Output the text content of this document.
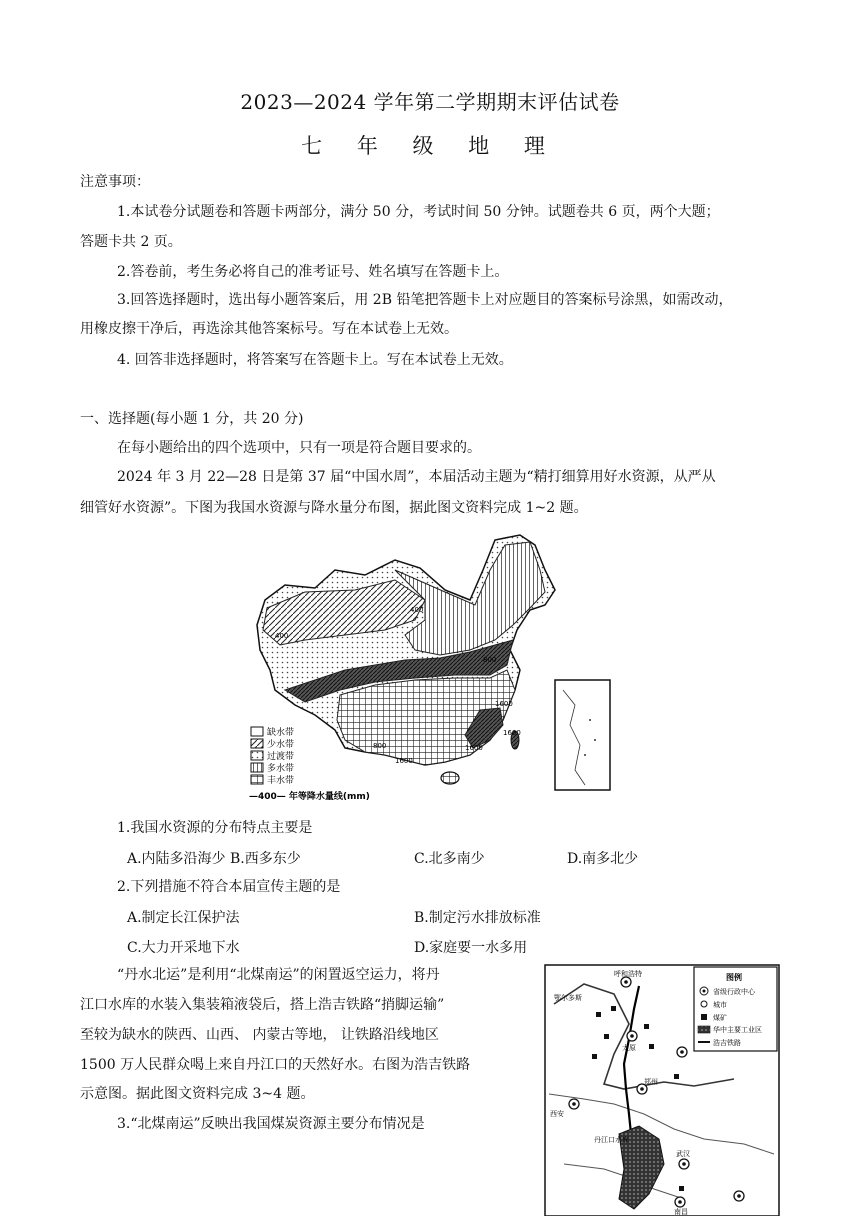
2023—2024 学年第二学期期末评估试卷
七 年 级 地 理
注意事项：
1.本试卷分试题卷和答题卡两部分，满分 50 分，考试时间 50 分钟。试题卷共 6 页，两个大题；
答题卡共 2 页。
2.答卷前，考生务必将自己的准考证号、姓名填写在答题卡上。
3.回答选择题时，选出每小题答案后，用 2B 铅笔把答题卡上对应题目的答案标号涂黑，如需改动，
用橡皮擦干净后，再选涂其他答案标号。写在本试卷上无效。
4. 回答非选择题时，将答案写在答题卡上。写在本试卷上无效。
一、选择题(每小题 1 分，共 20 分)
在每小题给出的四个选项中，只有一项是符合题目要求的。
2024 年 3 月 22—28 日是第 37 届“中国水周”，本届活动主题为“精打细算用好水资源，从严从
细管好水资源”。下图为我国水资源与降水量分布图，据此图文资料完成 1~2 题。
400
800
1600
800
1600
1600
400
1600
缺水带
少水带
过渡带
多水带
丰水带
—400— 年等降水量线(mm)
1.我国水资源的分布特点主要是
A.内陆多沿海少 B.西多东少	C.北多南少	D.南多北少
2.下列措施不符合本届宣传主题的是
A.制定长江保护法	B.制定污水排放标准
C.大力开采地下水	D.家庭要一水多用
“丹水北运”是利用“北煤南运”的闲置返空运力，将丹
江口水库的水装入集装箱液袋后，搭上浩吉铁路“捎脚运输”
至较为缺水的陕西、山西、 内蒙古等地， 让铁路沿线地区
1500 万人民群众喝上来自丹江口的天然好水。右图为浩吉铁路
示意图。据此图文资料完成 3~4 题。
3.“北煤南运”反映出我国煤炭资源主要分布情况是
呼和浩特
鄂尔多斯
太原
西安
郑州
丹江口水库
武汉
南昌
图例
省级行政中心
城市
煤矿
华中主要工业区
浩吉铁路
